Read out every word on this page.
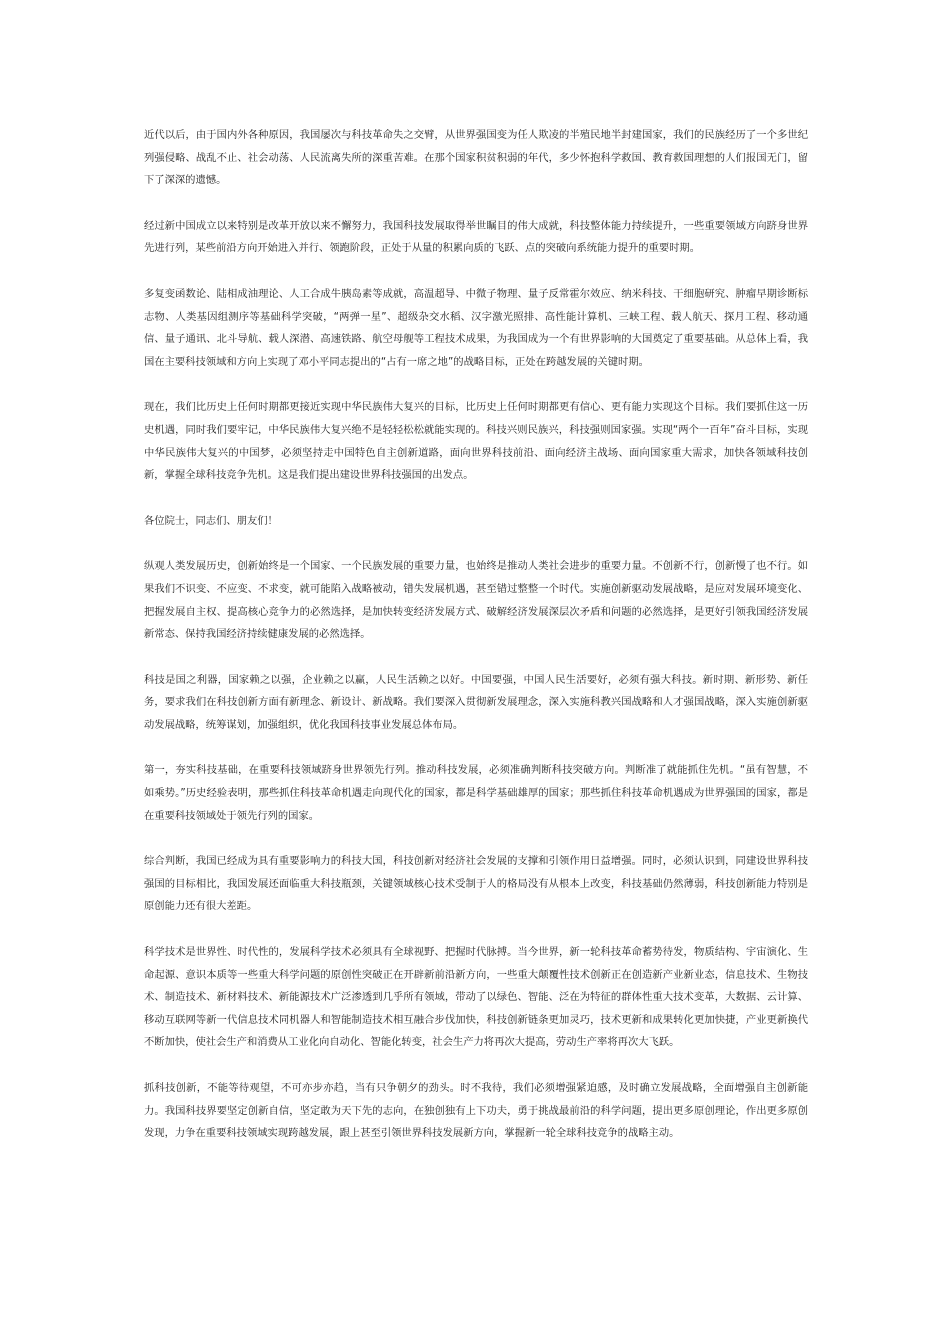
近代以后，由于国内外各种原因，我国屡次与科技革命失之交臂，从世界强国变为任人欺凌的半殖民地半封建国家，我们的民族经历了一个多世纪列强侵略、战乱不止、社会动荡、人民流离失所的深重苦难。在那个国家积贫积弱的年代，多少怀抱科学救国、教育救国理想的人们报国无门，留下了深深的遗憾。

经过新中国成立以来特别是改革开放以来不懈努力，我国科技发展取得举世瞩目的伟大成就，科技整体能力持续提升，一些重要领域方向跻身世界先进行列，某些前沿方向开始进入并行、领跑阶段，正处于从量的积累向质的飞跃、点的突破向系统能力提升的重要时期。

多复变函数论、陆相成油理论、人工合成牛胰岛素等成就，高温超导、中微子物理、量子反常霍尔效应、纳米科技、干细胞研究、肿瘤早期诊断标志物、人类基因组测序等基础科学突破，“两弹一星”、超级杂交水稻、汉字激光照排、高性能计算机、三峡工程、载人航天、探月工程、移动通信、量子通讯、北斗导航、载人深潜、高速铁路、航空母舰等工程技术成果，为我国成为一个有世界影响的大国奠定了重要基础。从总体上看，我国在主要科技领域和方向上实现了邓小平同志提出的“占有一席之地”的战略目标，正处在跨越发展的关键时期。

现在，我们比历史上任何时期都更接近实现中华民族伟大复兴的目标，比历史上任何时期都更有信心、更有能力实现这个目标。我们要抓住这一历史机遇，同时我们要牢记，中华民族伟大复兴绝不是轻轻松松就能实现的。科技兴则民族兴，科技强则国家强。实现“两个一百年”奋斗目标，实现中华民族伟大复兴的中国梦，必须坚持走中国特色自主创新道路，面向世界科技前沿、面向经济主战场、面向国家重大需求，加快各领域科技创新，掌握全球科技竞争先机。这是我们提出建设世界科技强国的出发点。

各位院士，同志们、朋友们！

纵观人类发展历史，创新始终是一个国家、一个民族发展的重要力量，也始终是推动人类社会进步的重要力量。不创新不行，创新慢了也不行。如果我们不识变、不应变、不求变，就可能陷入战略被动，错失发展机遇，甚至错过整整一个时代。实施创新驱动发展战略，是应对发展环境变化、把握发展自主权、提高核心竞争力的必然选择，是加快转变经济发展方式、破解经济发展深层次矛盾和问题的必然选择，是更好引领我国经济发展新常态、保持我国经济持续健康发展的必然选择。

科技是国之利器，国家赖之以强，企业赖之以赢，人民生活赖之以好。中国要强，中国人民生活要好，必须有强大科技。新时期、新形势、新任务，要求我们在科技创新方面有新理念、新设计、新战略。我们要深入贯彻新发展理念，深入实施科教兴国战略和人才强国战略，深入实施创新驱动发展战略，统筹谋划，加强组织，优化我国科技事业发展总体布局。

第一，夯实科技基础，在重要科技领域跻身世界领先行列。推动科技发展，必须准确判断科技突破方向。判断准了就能抓住先机。“虽有智慧，不如乘势。”历史经验表明，那些抓住科技革命机遇走向现代化的国家，都是科学基础雄厚的国家；那些抓住科技革命机遇成为世界强国的国家，都是在重要科技领域处于领先行列的国家。

综合判断，我国已经成为具有重要影响力的科技大国，科技创新对经济社会发展的支撑和引领作用日益增强。同时，必须认识到，同建设世界科技强国的目标相比，我国发展还面临重大科技瓶颈，关键领域核心技术受制于人的格局没有从根本上改变，科技基础仍然薄弱，科技创新能力特别是原创能力还有很大差距。

科学技术是世界性、时代性的，发展科学技术必须具有全球视野、把握时代脉搏。当今世界，新一轮科技革命蓄势待发，物质结构、宇宙演化、生命起源、意识本质等一些重大科学问题的原创性突破正在开辟新前沿新方向，一些重大颠覆性技术创新正在创造新产业新业态，信息技术、生物技术、制造技术、新材料技术、新能源技术广泛渗透到几乎所有领域，带动了以绿色、智能、泛在为特征的群体性重大技术变革，大数据、云计算、移动互联网等新一代信息技术同机器人和智能制造技术相互融合步伐加快，科技创新链条更加灵巧，技术更新和成果转化更加快捷，产业更新换代不断加快，使社会生产和消费从工业化向自动化、智能化转变，社会生产力将再次大提高，劳动生产率将再次大飞跃。

抓科技创新，不能等待观望，不可亦步亦趋，当有只争朝夕的劲头。时不我待，我们必须增强紧迫感，及时确立发展战略，全面增强自主创新能力。我国科技界要坚定创新自信，坚定敢为天下先的志向，在独创独有上下功夫，勇于挑战最前沿的科学问题，提出更多原创理论，作出更多原创发现，力争在重要科技领域实现跨越发展，跟上甚至引领世界科技发展新方向，掌握新一轮全球科技竞争的战略主动。
